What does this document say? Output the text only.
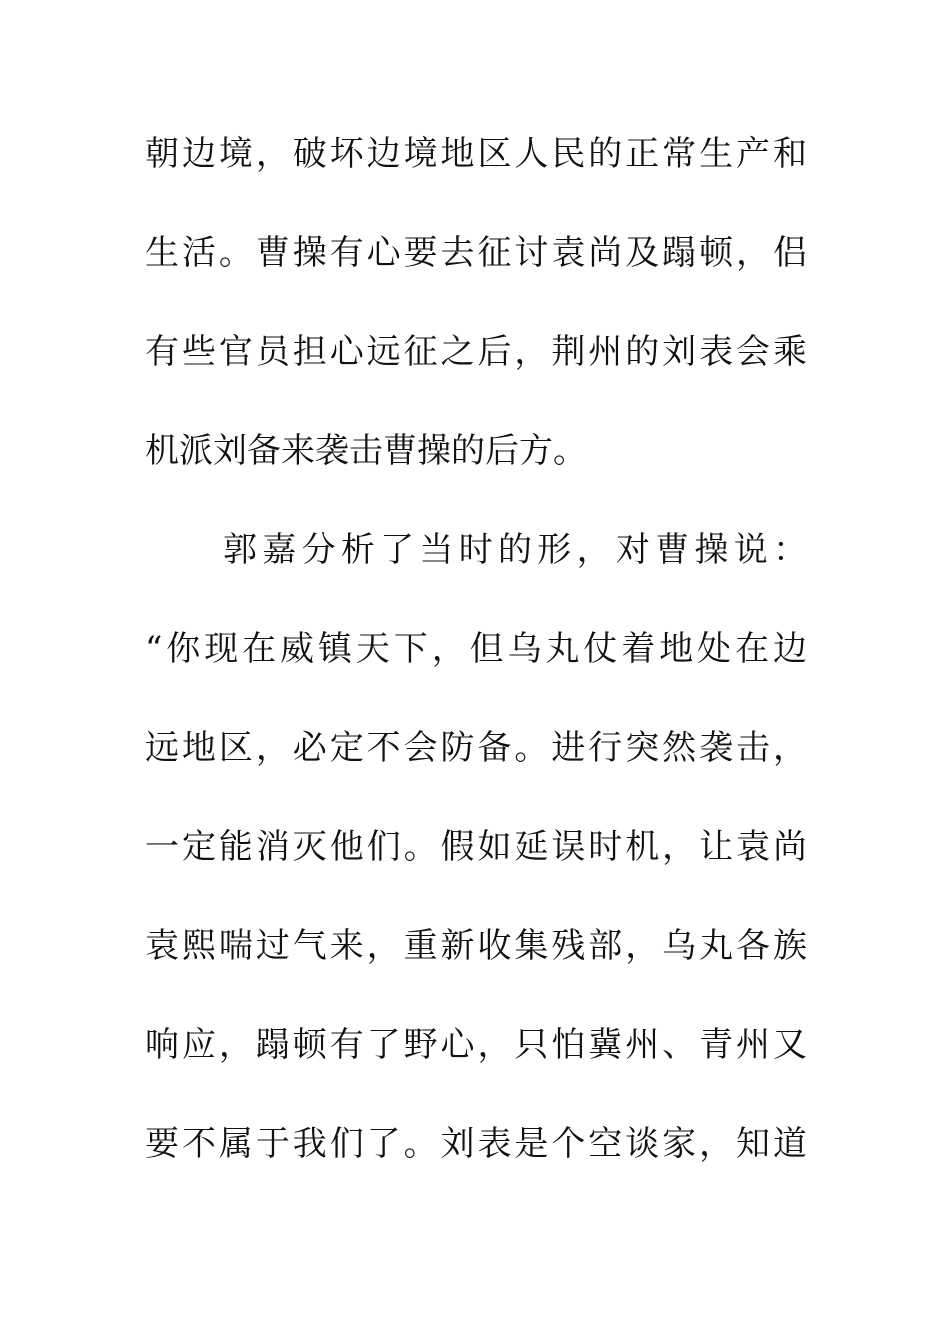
朝边境，破坏边境地区人民的正常生产和
生活。曹操有心要去征讨袁尚及蹋顿，侣
有些官员担心远征之后，荆州的刘表会乘
机派刘备来袭击曹操的后方。
郭嘉分析了当时的形，对曹操说：
“你现在威镇天下，但乌丸仗着地处在边
远地区，必定不会防备。进行突然袭击，
一定能消灭他们。假如延误时机，让袁尚
袁熙喘过气来，重新收集残部，乌丸各族
响应，蹋顿有了野心，只怕冀州、青州又
要不属于我们了。刘表是个空谈家，知道
